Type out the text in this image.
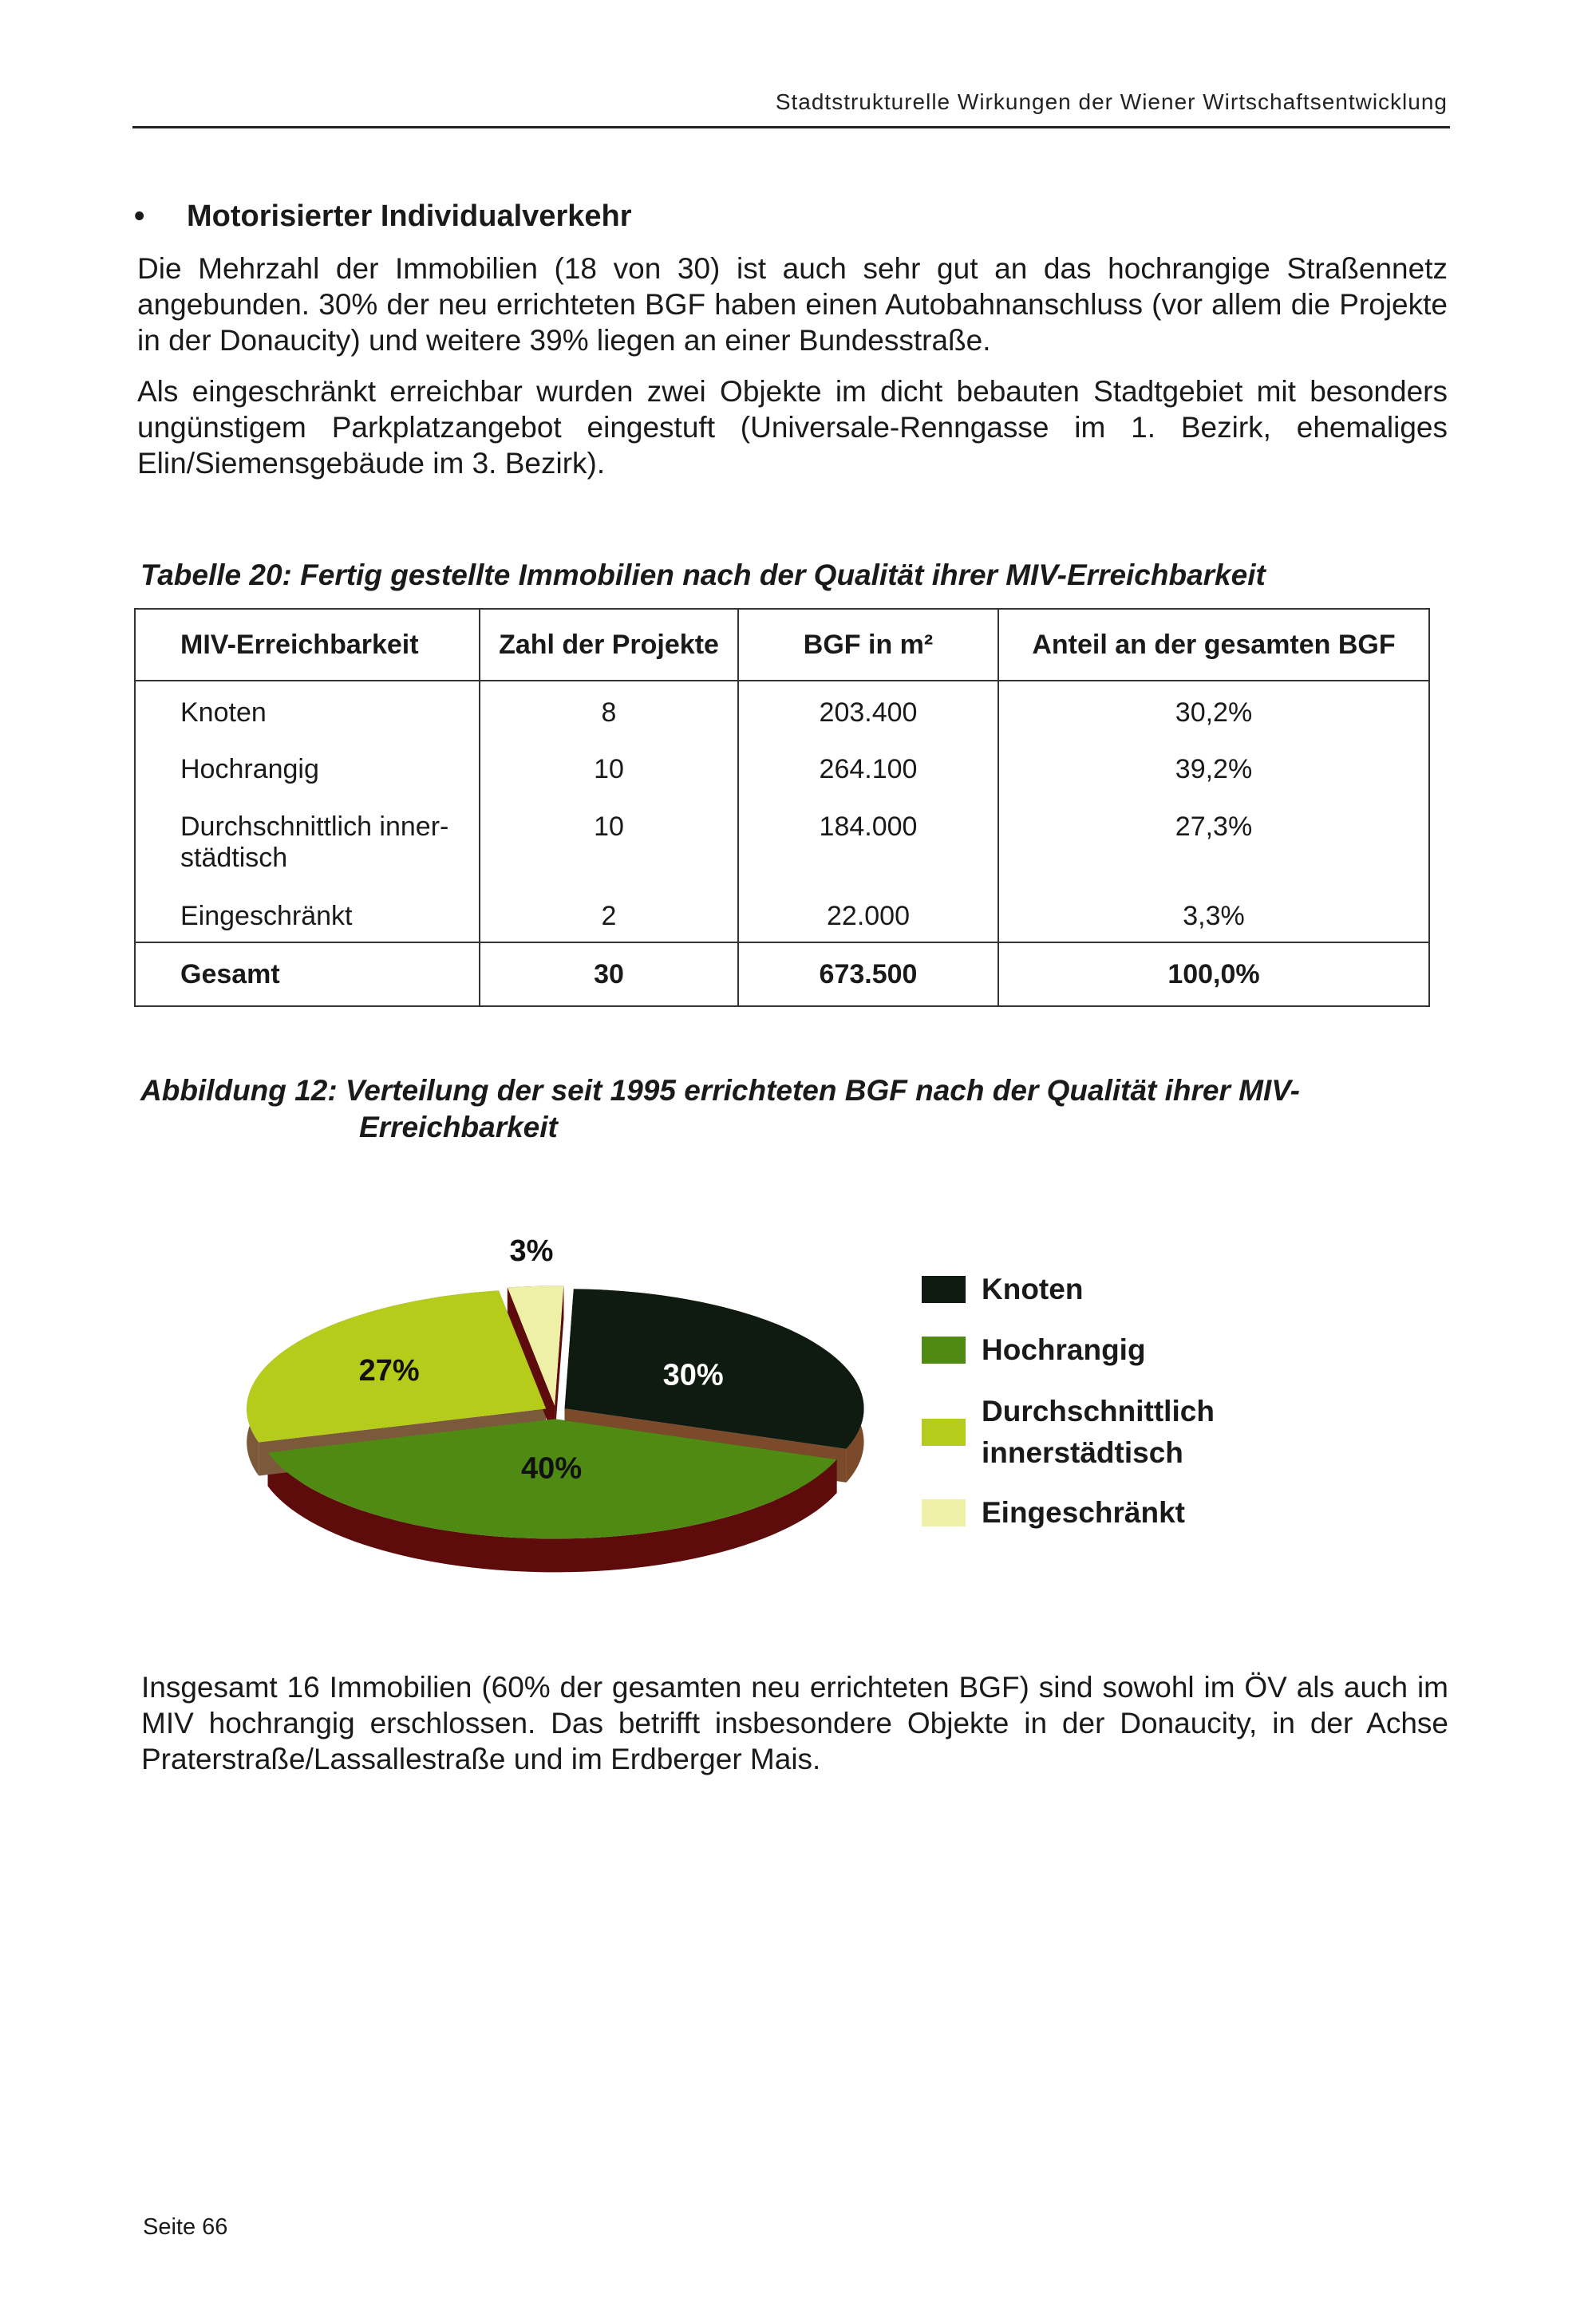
Stadtstrukturelle Wirkungen der Wiener Wirtschaftsentwicklung
• Motorisierter Individualverkehr
Die Mehrzahl der Immobilien (18 von 30) ist auch sehr gut an das hochrangige Straßennetz angebunden. 30% der neu errichteten BGF haben einen Autobahnanschluss (vor allem die Projekte in der Donaucity) und weitere 39% liegen an einer Bundesstraße.
Als eingeschränkt erreichbar wurden zwei Objekte im dicht bebauten Stadtgebiet mit besonders ungünstigem Parkplatzangebot eingestuft (Universale-Renngasse im 1. Bezirk, ehemaliges Elin/Siemensgebäude im 3. Bezirk).
Tabelle 20: Fertig gestellte Immobilien nach der Qualität ihrer MIV-Erreichbarkeit
MIV-Erreichbarkeit	Zahl der Projekte	BGF in m²	Anteil an der gesamten BGF
Knoten	8	203.400	30,2%
Hochrangig	10	264.100	39,2%
Durchschnittlich inner-städtisch	10	184.000	27,3%
Eingeschränkt	2	22.000	3,3%
Gesamt	30	673.500	100,0%
Abbildung 12: Verteilung der seit 1995 errichteten BGF nach der Qualität ihrer MIV-
Erreichbarkeit
30%
40%
27%
3%
Knoten
Hochrangig
Durchschnittlich
innerstädtisch
Eingeschränkt
Insgesamt 16 Immobilien (60% der gesamten neu errichteten BGF) sind sowohl im ÖV als auch im MIV hochrangig erschlossen. Das betrifft insbesondere Objekte in der Donaucity, in der Achse Praterstraße/Lassallestraße und im Erdberger Mais.
Seite 66
